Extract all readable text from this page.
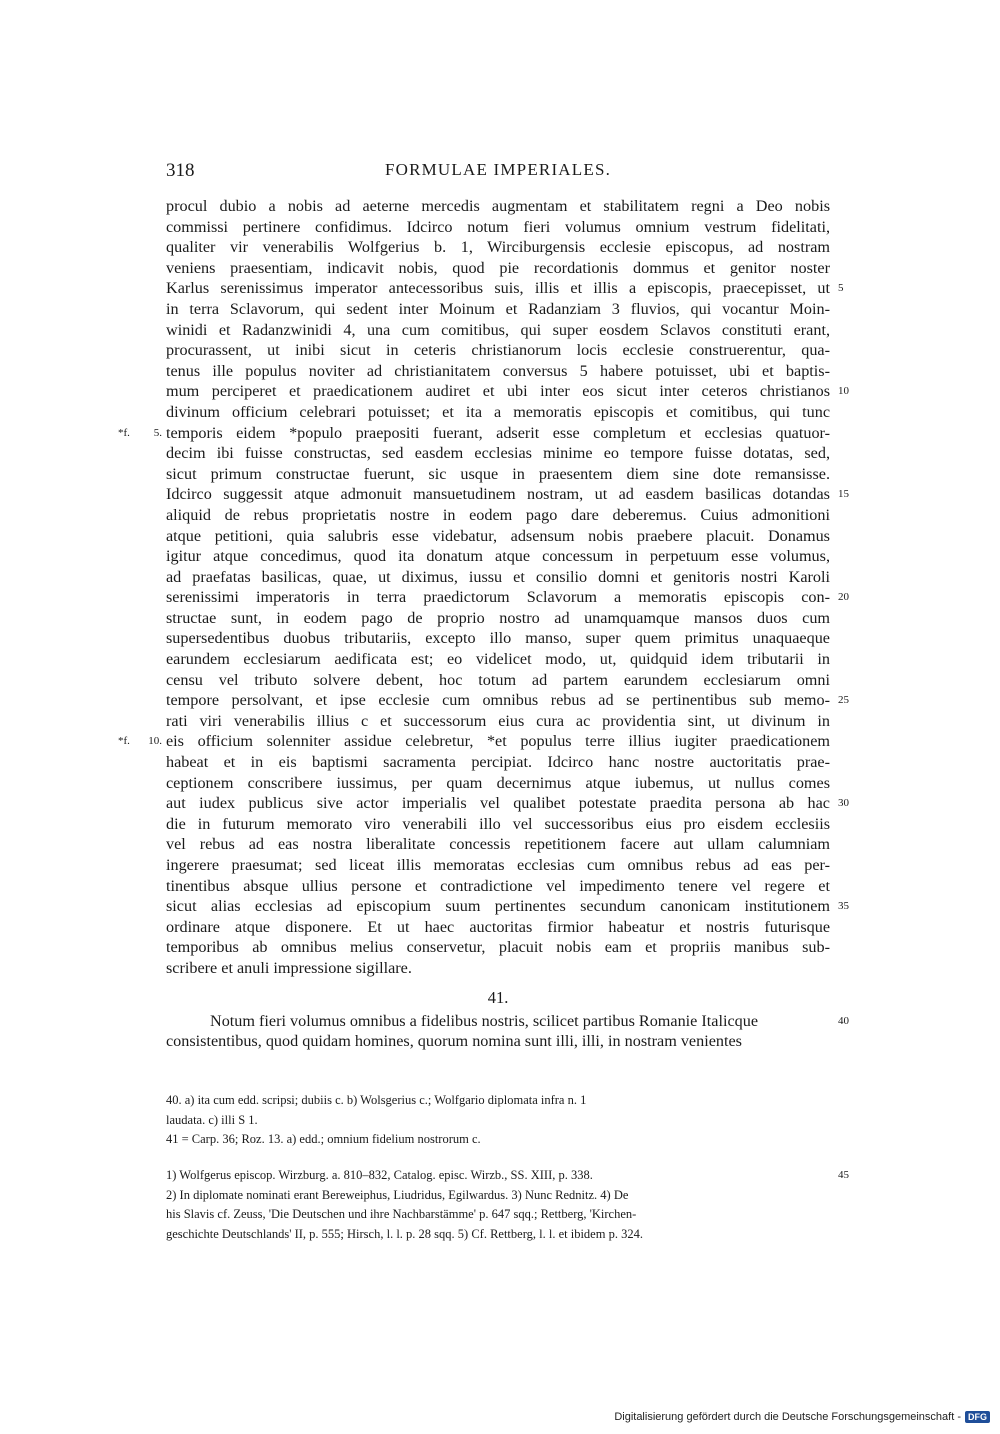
318	FORMULAE IMPERIALES.
procul dubio a nobis ad aeterne mercedis augmentam et stabilitatem regni a Deo nobis
commissi pertinere confidimus. Idcirco notum fieri volumus omnium vestrum fidelitati,
qualiter vir venerabilis Wolfgerius b. 1, Wirciburgensis ecclesie episcopus, ad nostram
veniens praesentiam, indicavit nobis, quod pie recordationis dommus et genitor noster
Karlus serenissimus imperator antecessoribus suis, illis et illis a episcopis, praecepisset, ut 5
in terra Sclavorum, qui sedent inter Moinum et Radanziam 3 fluvios, qui vocantur Moin-
winidi et Radanzwinidi 4, una cum comitibus, qui super eosdem Sclavos constituti erant,
procurassent, ut inibi sicut in ceteris christianorum locis ecclesie construerentur, qua-
tenus ille populus noviter ad christianitatem conversus 5 habere potuisset, ubi et baptis-
mum perciperet et praedicationem audiret et ubi inter eos sicut inter ceteros christianos 10
divinum officium celebrari potuisset; et ita a memoratis episcopis et comitibus, qui tunc
temporis eidem *populo praepositi fuerant, adserit esse completum et ecclesias quatuor-
*f. 5.
decim ibi fuisse constructas, sed easdem ecclesias minime eo tempore fuisse dotatas, sed,
sicut primum constructae fuerunt, sic usque in praesentem diem sine dote remansisse.
Idcirco suggessit atque admonuit mansuetudinem nostram, ut ad easdem basilicas dotandas 15
aliquid de rebus proprietatis nostre in eodem pago dare deberemus. Cuius admonitioni
atque petitioni, quia salubris esse videbatur, adsensum nobis praebere placuit. Donamus
igitur atque concedimus, quod ita donatum atque concessum in perpetuum esse volumus,
ad praefatas basilicas, quae, ut diximus, iussu et consilio domni et genitoris nostri Karoli
serenissimi imperatoris in terra praedictorum Sclavorum a memoratis episcopis con- 20
structae sunt, in eodem pago de proprio nostro ad unamquamque mansos duos cum
supersedentibus duobus tributariis, excepto illo manso, super quem primitus unaquaeque
earundem ecclesiarum aedificata est; eo videlicet modo, ut, quidquid idem tributarii in
censu vel tributo solvere debent, hoc totum ad partem earundem ecclesiarum omni
tempore persolvant, et ipse ecclesie cum omnibus rebus ad se pertinentibus sub memo- 25
rati viri venerabilis illius c et successorum eius cura ac providentia sint, ut divinum in
eis officium solenniter assidue celebretur, *et populus terre illius iugiter praedicationem
*f. 10.
habeat et in eis baptismi sacramenta percipiat. Idcirco hanc nostre auctoritatis prae-
ceptionem conscribere iussimus, per quam decernimus atque iubemus, ut nullus comes
aut iudex publicus sive actor imperialis vel qualibet potestate praedita persona ab hac 30
die in futurum memorato viro venerabili illo vel successoribus eius pro eisdem ecclesiis
vel rebus ad eas nostra liberalitate concessis repetitionem facere aut ullam calumniam
ingerere praesumat; sed liceat illis memoratas ecclesias cum omnibus rebus ad eas per-
tinentibus absque ullius persone et contradictione vel impedimento tenere vel regere et
sicut alias ecclesias ad episcopium suum pertinentes secundum canonicam institutionem 35
ordinare atque disponere. Et ut haec auctoritas firmior habeatur et nostris futurisque
temporibus ab omnibus melius conservetur, placuit nobis eam et propriis manibus sub-
scribere et anuli impressione sigillare.
41.
Notum fieri volumus omnibus a fidelibus nostris, scilicet partibus Romanie Italicque	40
consistentibus, quod quidam homines, quorum nomina sunt illi, illi, in nostram venientes
40. a) ita cum edd. scripsi; dubiis c. b) Wolsgerius c.; Wolfgario diplomata infra n. 1
laudata. c) illi S 1.
41 = Carp. 36; Roz. 13. a) edd.; omnium fidelium nostrorum c.
1) Wolfgerus episcop. Wirzburg. a. 810–832, Catalog. episc. Wirzb., SS. XIII, p. 338.	45
2) In diplomate nominati erant Bereweiphus, Liudridus, Egilwardus. 3) Nunc Rednitz. 4) De
his Slavis cf. Zeuss, 'Die Deutschen und ihre Nachbarstämme' p. 647 sqq.; Rettberg, 'Kirchen-
geschichte Deutschlands' II, p. 555; Hirsch, l. l. p. 28 sqq. 5) Cf. Rettberg, l. l. et ibidem p. 324.
Digitalisierung gefördert durch die Deutsche Forschungsgemeinschaft - DFG
